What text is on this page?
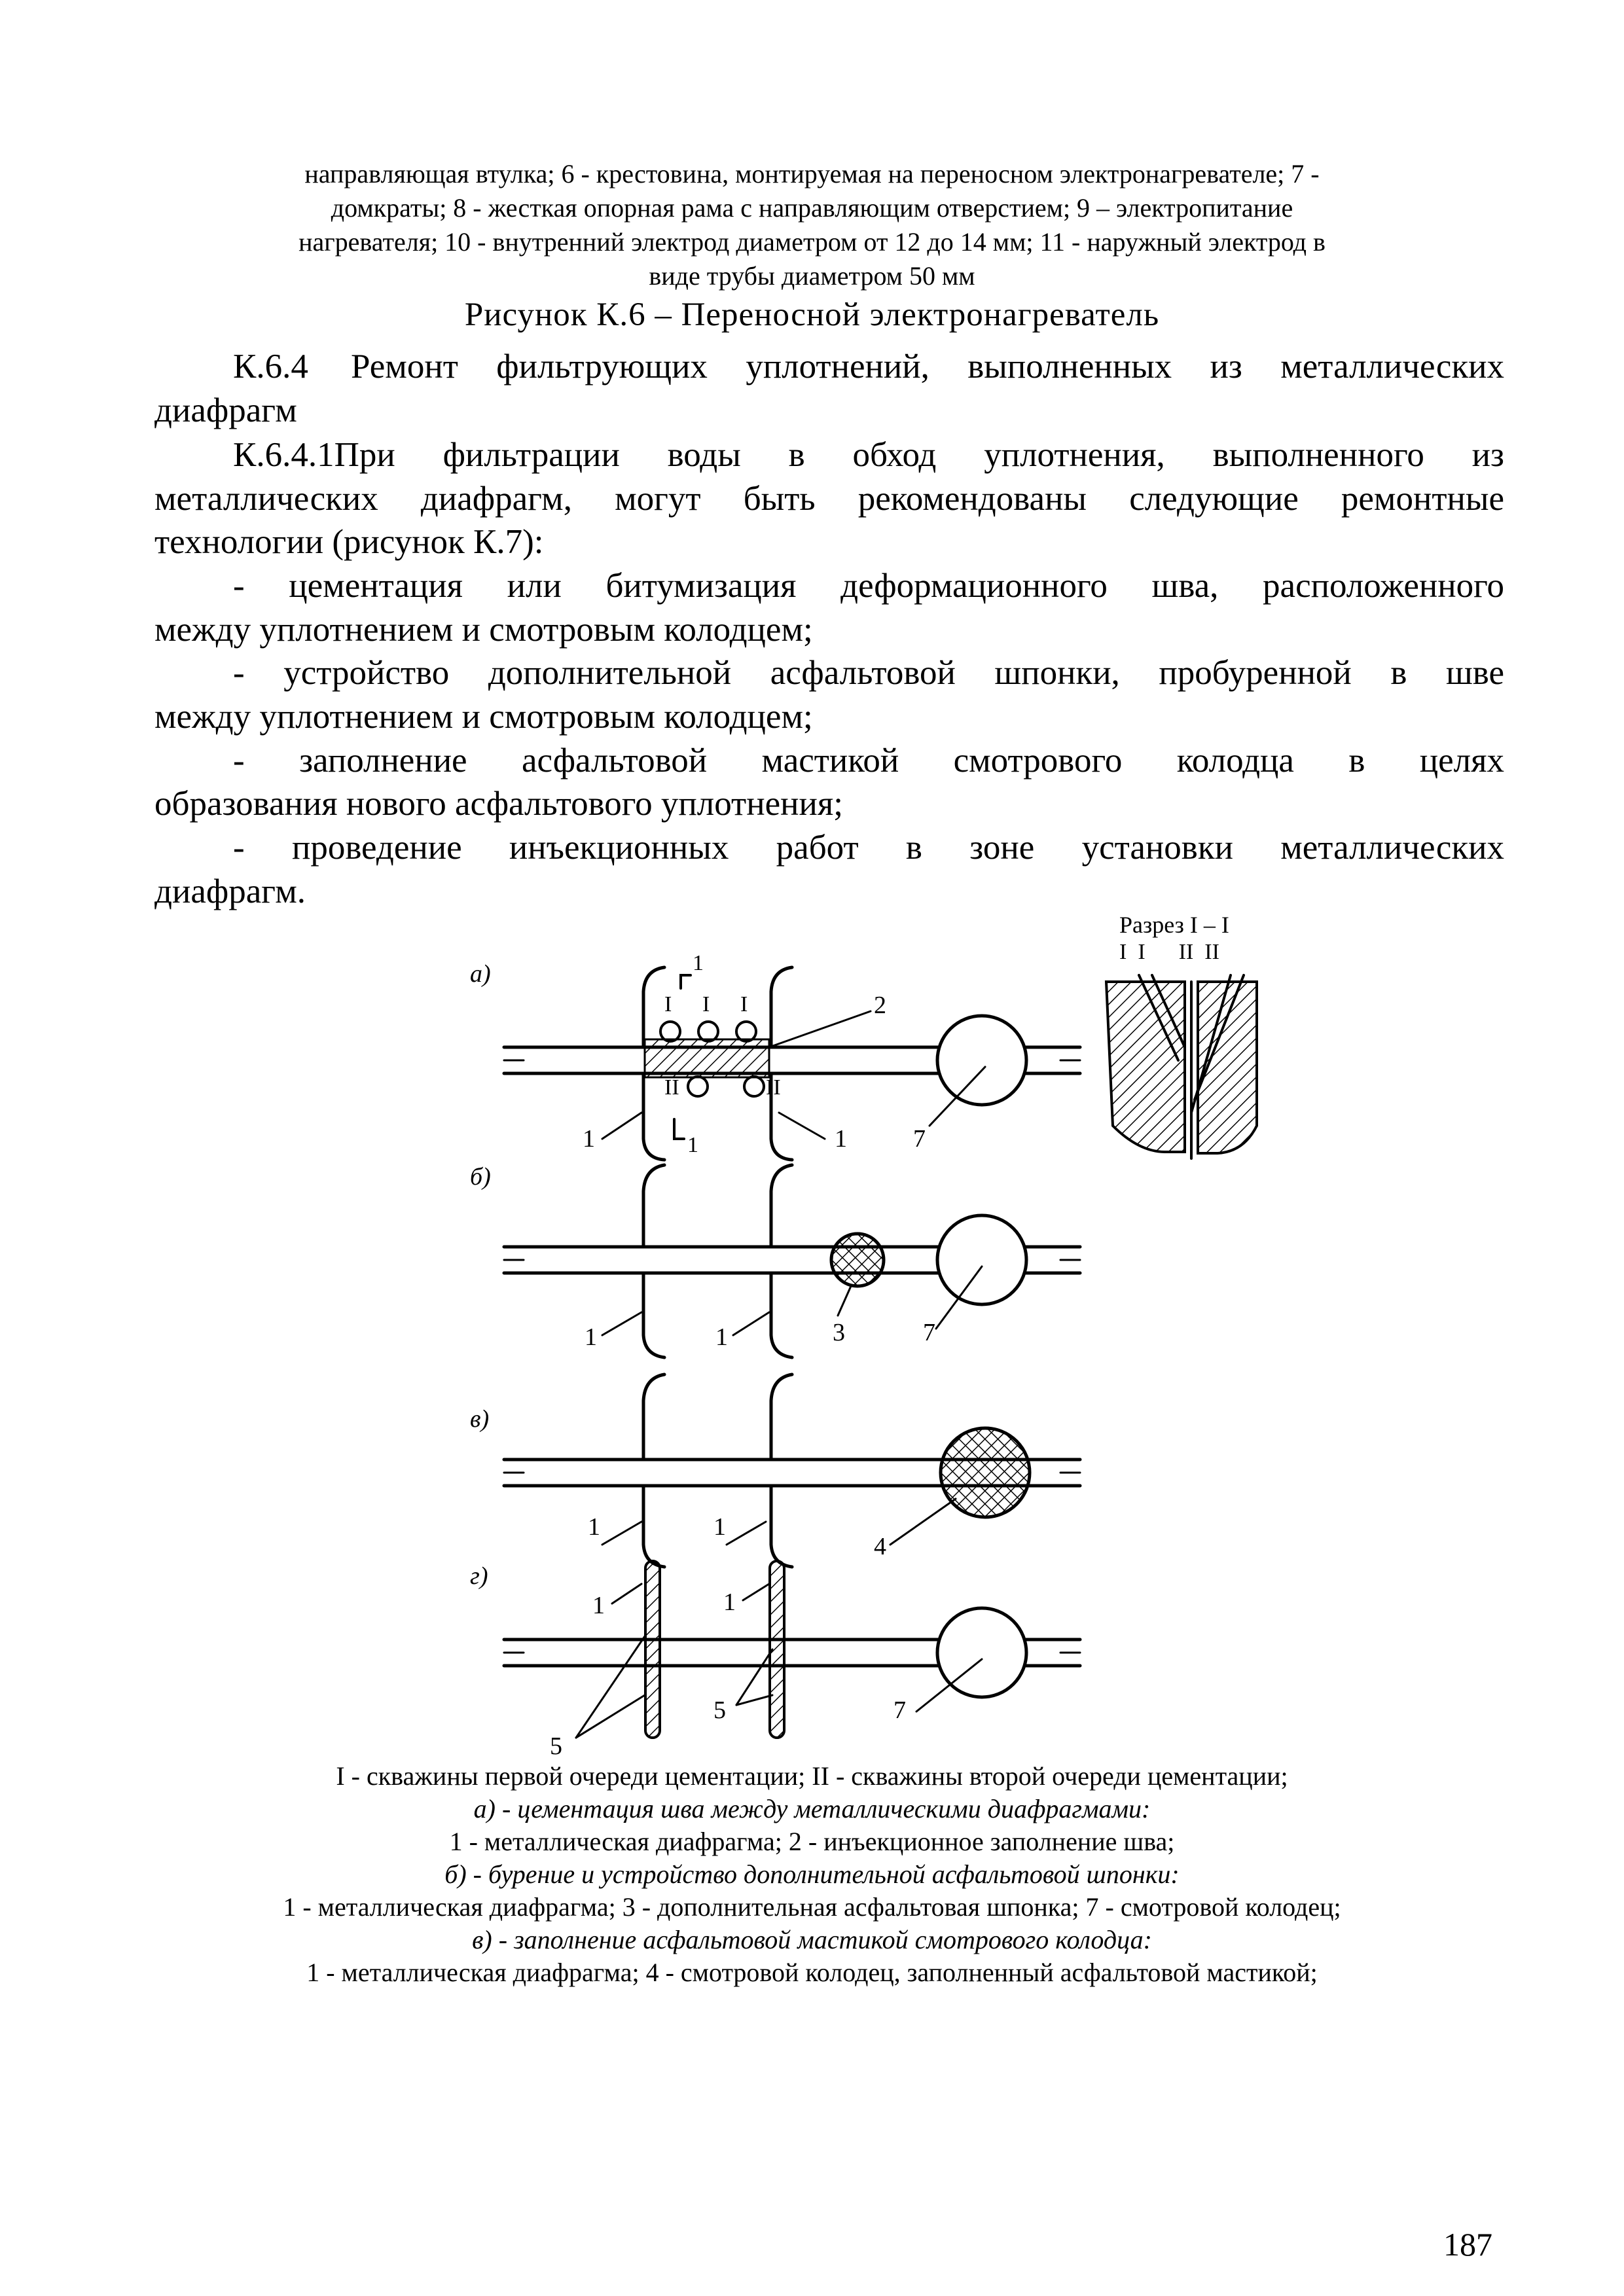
направляющая втулка; 6 - крестовина, монтируемая на переносном электронагревателе; 7 -
домкраты; 8 - жесткая опорная рама с направляющим отверстием; 9 – электропитание
нагревателя; 10 - внутренний электрод диаметром от 12 до 14 мм; 11 - наружный электрод в
виде трубы диаметром 50 мм
Рисунок К.6 – Переносной электронагреватель
К.6.4 Ремонт фильтрующих уплотнений, выполненных из металлических
диафрагм
К.6.4.1При фильтрации воды в обход уплотнения, выполненного из
металлических диафрагм, могут быть рекомендованы следующие ремонтные
технологии (рисунок К.7):
- цементация или битумизация деформационного шва, расположенного
между уплотнением и смотровым колодцем;
- устройство дополнительной асфальтовой шпонки, пробуренной в шве
между уплотнением и смотровым колодцем;
- заполнение асфальтовой мастикой смотрового колодца в целях
образования нового асфальтового уплотнения;
- проведение инъекционных работ в зоне установки металлических
диафрагм.
а)
б)
в)
г)
Разрез I – I
I  I      II  II
1
1
I I I
II	II
1	1
2
7
1	1	3	7
1	1
4
1	1
5
5	7
I - скважины первой очереди цементации; II - скважины второй очереди цементации;
а) - цементация шва между металлическими диафрагмами:
1 - металлическая диафрагма; 2 - инъекционное заполнение шва;
б) - бурение и устройство дополнительной асфальтовой шпонки:
1 - металлическая диафрагма; 3 - дополнительная асфальтовая шпонка; 7 - смотровой колодец;
в) - заполнение асфальтовой мастикой смотрового колодца:
1 - металлическая диафрагма; 4 - смотровой колодец, заполненный асфальтовой мастикой;
187
